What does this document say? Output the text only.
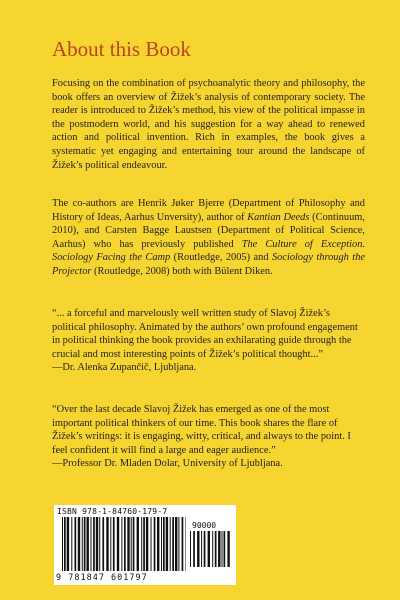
About this Book

Focusing on the combination of psychoanalytic theory and philosophy, the book offers an overview of Žižek’s analysis of contemporary society. The reader is introduced to Žižek’s method, his view of the political impasse in the postmodern world, and his suggestion for a way ahead to renewed action and political invention. Rich in examples, the book gives a systematic yet engaging and entertaining tour around the landscape of Žižek’s political endeavour.

The co-authors are Henrik Jøker Bjerre (Department of Philosophy and History of Ideas, Aarhus Unversity), author of Kantian Deeds (Continuum, 2010), and Carsten Bagge Laustsen (Department of Political Science, Aarhus) who has previously published The Culture of Exception. Sociology Facing the Camp (Routledge, 2005) and Sociology through the Projector (Routledge, 2008) both with Bülent Diken.

“... a forceful and marvelously well written study of Slavoj Žižek’s political philosophy. Animated by the authors’ own profound engagement in political thinking the book provides an exhilarating guide through the crucial and most interesting points of Žižek’s political thought...”
—Dr. Alenka Zupančič, Ljubljana.
“Over the last decade Slavoj Žižek has emerged as one of the most important political thinkers of our time. This book shares the flare of Žižek’s writings: it is engaging, witty, critical, and always to the point. I feel confident it will find a large and eager audience.”
—Professor Dr. Mladen Dolar, University of Ljubljana.
ISBN 978-1-84760-179-7
90000
9 781847 601797
